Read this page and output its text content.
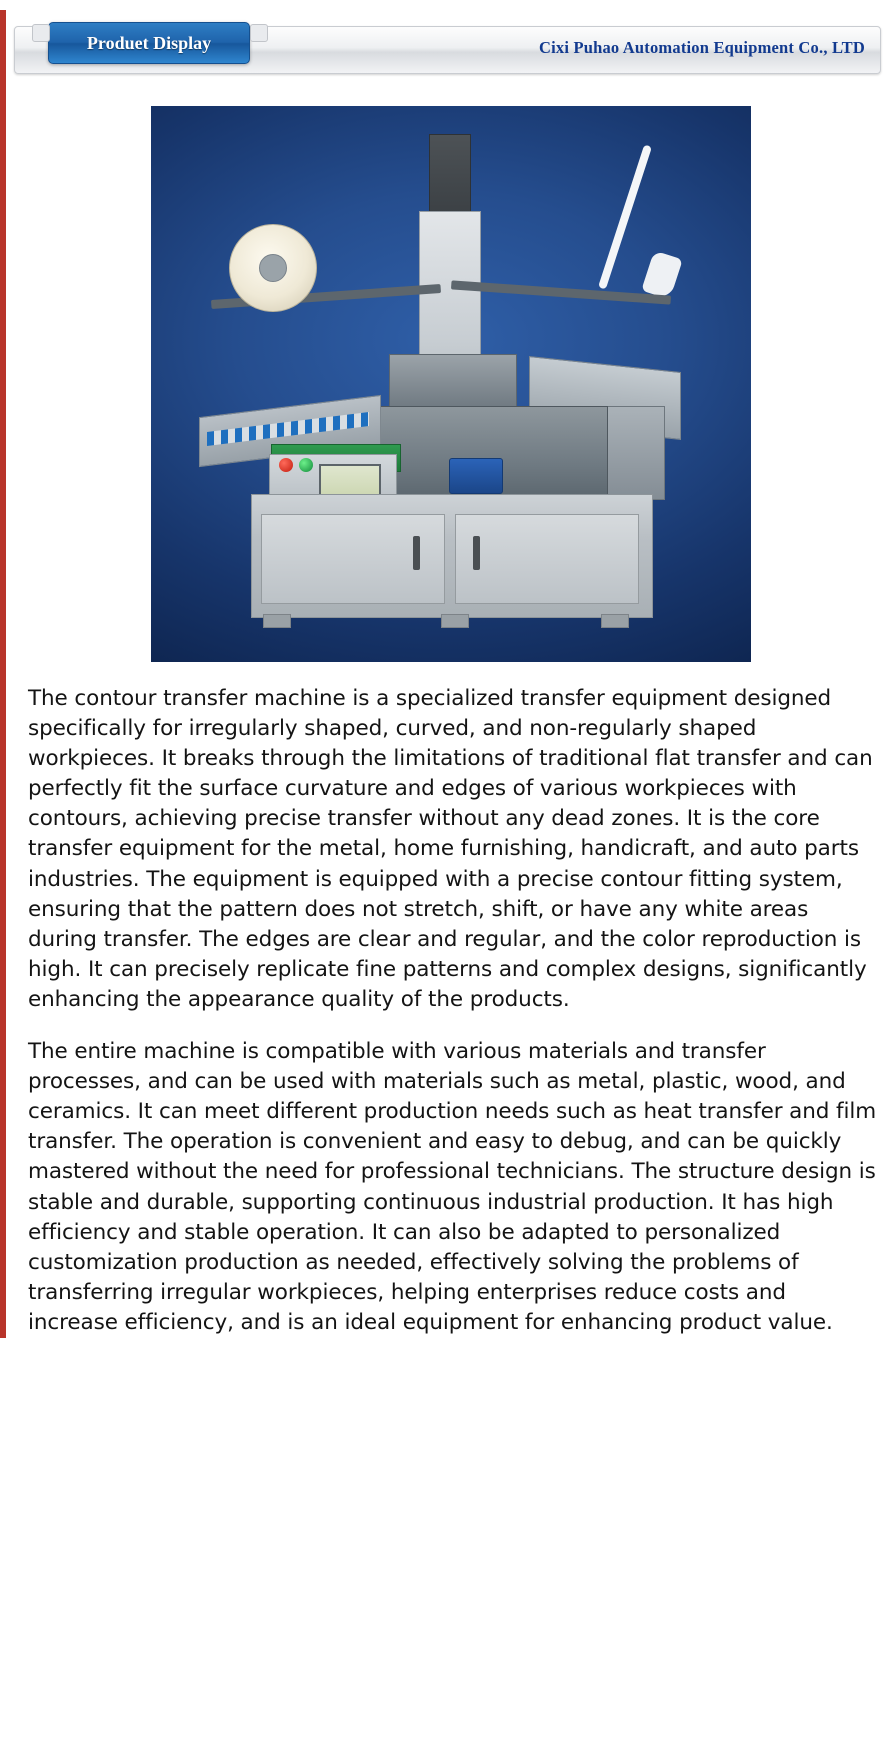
Cixi Puhao Automation Equipment Co., LTD
Produet Display

The contour transfer machine is a specialized transfer equipment designed specifically for irregularly shaped, curved, and non-regularly shaped workpieces. It breaks through the limitations of traditional flat transfer and can perfectly fit the surface curvature and edges of various workpieces with contours, achieving precise transfer without any dead zones. It is the core transfer equipment for the metal, home furnishing, handicraft, and auto parts industries. The equipment is equipped with a precise contour fitting system, ensuring that the pattern does not stretch, shift, or have any white areas during transfer. The edges are clear and regular, and the color reproduction is high. It can precisely replicate fine patterns and complex designs, significantly enhancing the appearance quality of the products.

The entire machine is compatible with various materials and transfer processes, and can be used with materials such as metal, plastic, wood, and ceramics. It can meet different production needs such as heat transfer and film transfer. The operation is convenient and easy to debug, and can be quickly mastered without the need for professional technicians. The structure design is stable and durable, supporting continuous industrial production. It has high efficiency and stable operation. It can also be adapted to personalized customization production as needed, effectively solving the problems of transferring irregular workpieces, helping enterprises reduce costs and increase efficiency, and is an ideal equipment for enhancing product value.
